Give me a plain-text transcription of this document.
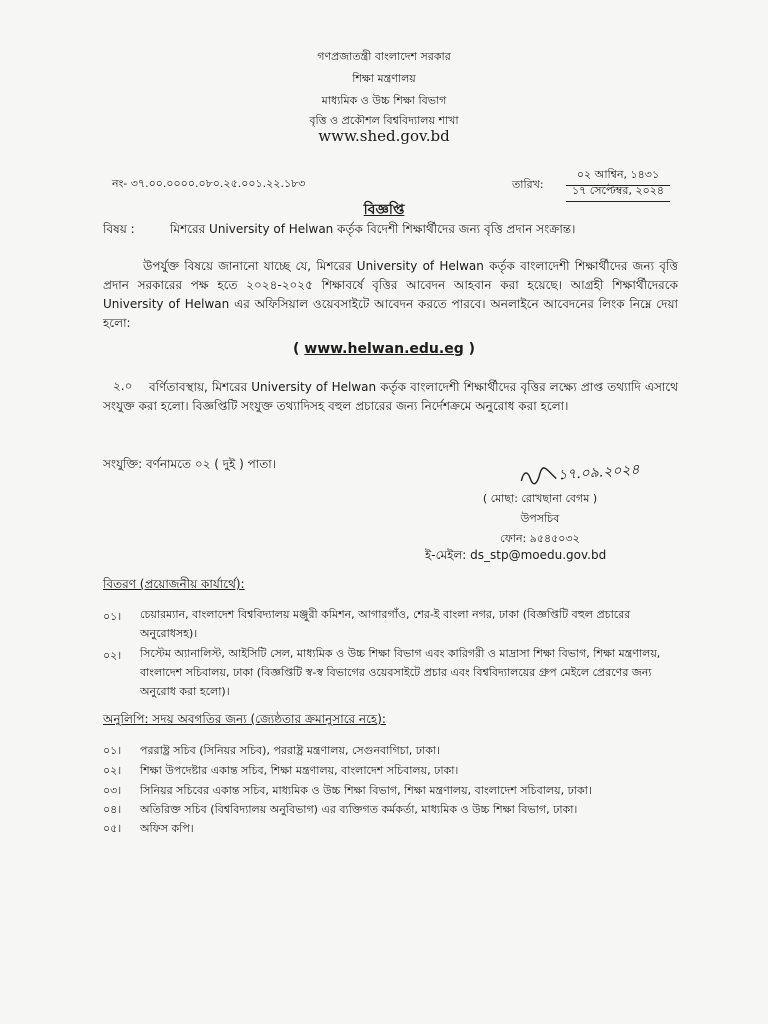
গণপ্রজাতন্ত্রী বাংলাদেশ সরকার
শিক্ষা মন্ত্রণালয়
মাধ্যমিক ও উচ্চ শিক্ষা বিভাগ
বৃত্তি ও প্রকৌশল বিশ্ববিদ্যালয় শাখা
www.shed.gov.bd
নং- ৩৭.০০.০০০০.০৮০.২৫.০০১.২২.১৮৩	তারিখ:
০২ আশ্বিন, ১৪৩১
১৭ সেপ্টেম্বর, ২০২৪
বিজ্ঞপ্তি
বিষয় :	মিশরের University of Helwan কর্তৃক বিদেশী শিক্ষার্থীদের জন্য বৃত্তি প্রদান সংক্রান্ত।
উপর্যুক্ত বিষয়ে জানানো যাচ্ছে যে, মিশরের University of Helwan কর্তৃক বাংলাদেশী শিক্ষার্থীদের জন্য বৃত্তি প্রদান সরকারের পক্ষ হতে ২০২৪-২০২৫ শিক্ষাবর্ষে বৃত্তির আবেদন আহবান করা হয়েছে। আগ্রহী শিক্ষার্থীদেরকে University of Helwan এর অফিসিয়াল ওয়েবসাইটে আবেদন করতে পারবে। অনলাইনে আবেদনের লিংক নিম্নে দেয়া হলো:
( www.helwan.edu.eg )
২.০	বর্ণিতাবস্থায়, মিশরের University of Helwan কর্তৃক বাংলাদেশী শিক্ষার্থীদের বৃত্তির লক্ষ্যে প্রাপ্ত তথ্যাদি এসাথে সংযুক্ত করা হলো। বিজ্ঞপ্তিটি সংযুক্ত তথ্যাদিসহ বহুল প্রচারের জন্য নির্দেশক্রমে অনুরোধ করা হলো।
সংযুক্তি: বর্ণনামতে ০২ ( দুই ) পাতা।	১৭.০৯.২০২৪
( মোছা: রোখছানা বেগম )
উপসচিব
ফোন: ৯৫৪৫০৩২
ই-মেইল: ds_stp@moedu.gov.bd
বিতরণ (প্রয়োজনীয় কার্যার্থে):
০১।	চেয়ারম্যান, বাংলাদেশ বিশ্ববিদ্যালয় মঞ্জুরী কমিশন, আগারগাঁও, শের-ই বাংলা নগর, ঢাকা (বিজ্ঞপ্তিটি বহুল প্রচারের অনুরোধসহ)।
০২।	সিস্টেম অ্যানালিস্ট, আইসিটি সেল, মাধ্যমিক ও উচ্চ শিক্ষা বিভাগ এবং কারিগরী ও মাদ্রাসা শিক্ষা বিভাগ, শিক্ষা মন্ত্রণালয়, বাংলাদেশ সচিবালয়, ঢাকা (বিজ্ঞপ্তিটি স্ব-স্ব বিভাগের ওয়েবসাইটে প্রচার এবং বিশ্ববিদ্যালয়ের গ্রুপ মেইলে প্রেরণের জন্য অনুরোধ করা হলো)।
অনুলিপি: সদয় অবগতির জন্য (জ্যেষ্ঠতার ক্রমানুসারে নহে):
০১।	পররাষ্ট্র সচিব (সিনিয়র সচিব), পররাষ্ট্র মন্ত্রণালয়, সেগুনবাগিচা, ঢাকা।
০২।	শিক্ষা উপদেষ্টার একান্ত সচিব, শিক্ষা মন্ত্রণালয়, বাংলাদেশ সচিবালয়, ঢাকা।
০৩।	সিনিয়র সচিবের একান্ত সচিব, মাধ্যমিক ও উচ্চ শিক্ষা বিভাগ, শিক্ষা মন্ত্রণালয়, বাংলাদেশ সচিবালয়, ঢাকা।
০৪।	অতিরিক্ত সচিব (বিশ্ববিদ্যালয় অনুবিভাগ) এর ব্যক্তিগত কর্মকর্তা, মাধ্যমিক ও উচ্চ শিক্ষা বিভাগ, ঢাকা।
০৫।	অফিস কপি।
